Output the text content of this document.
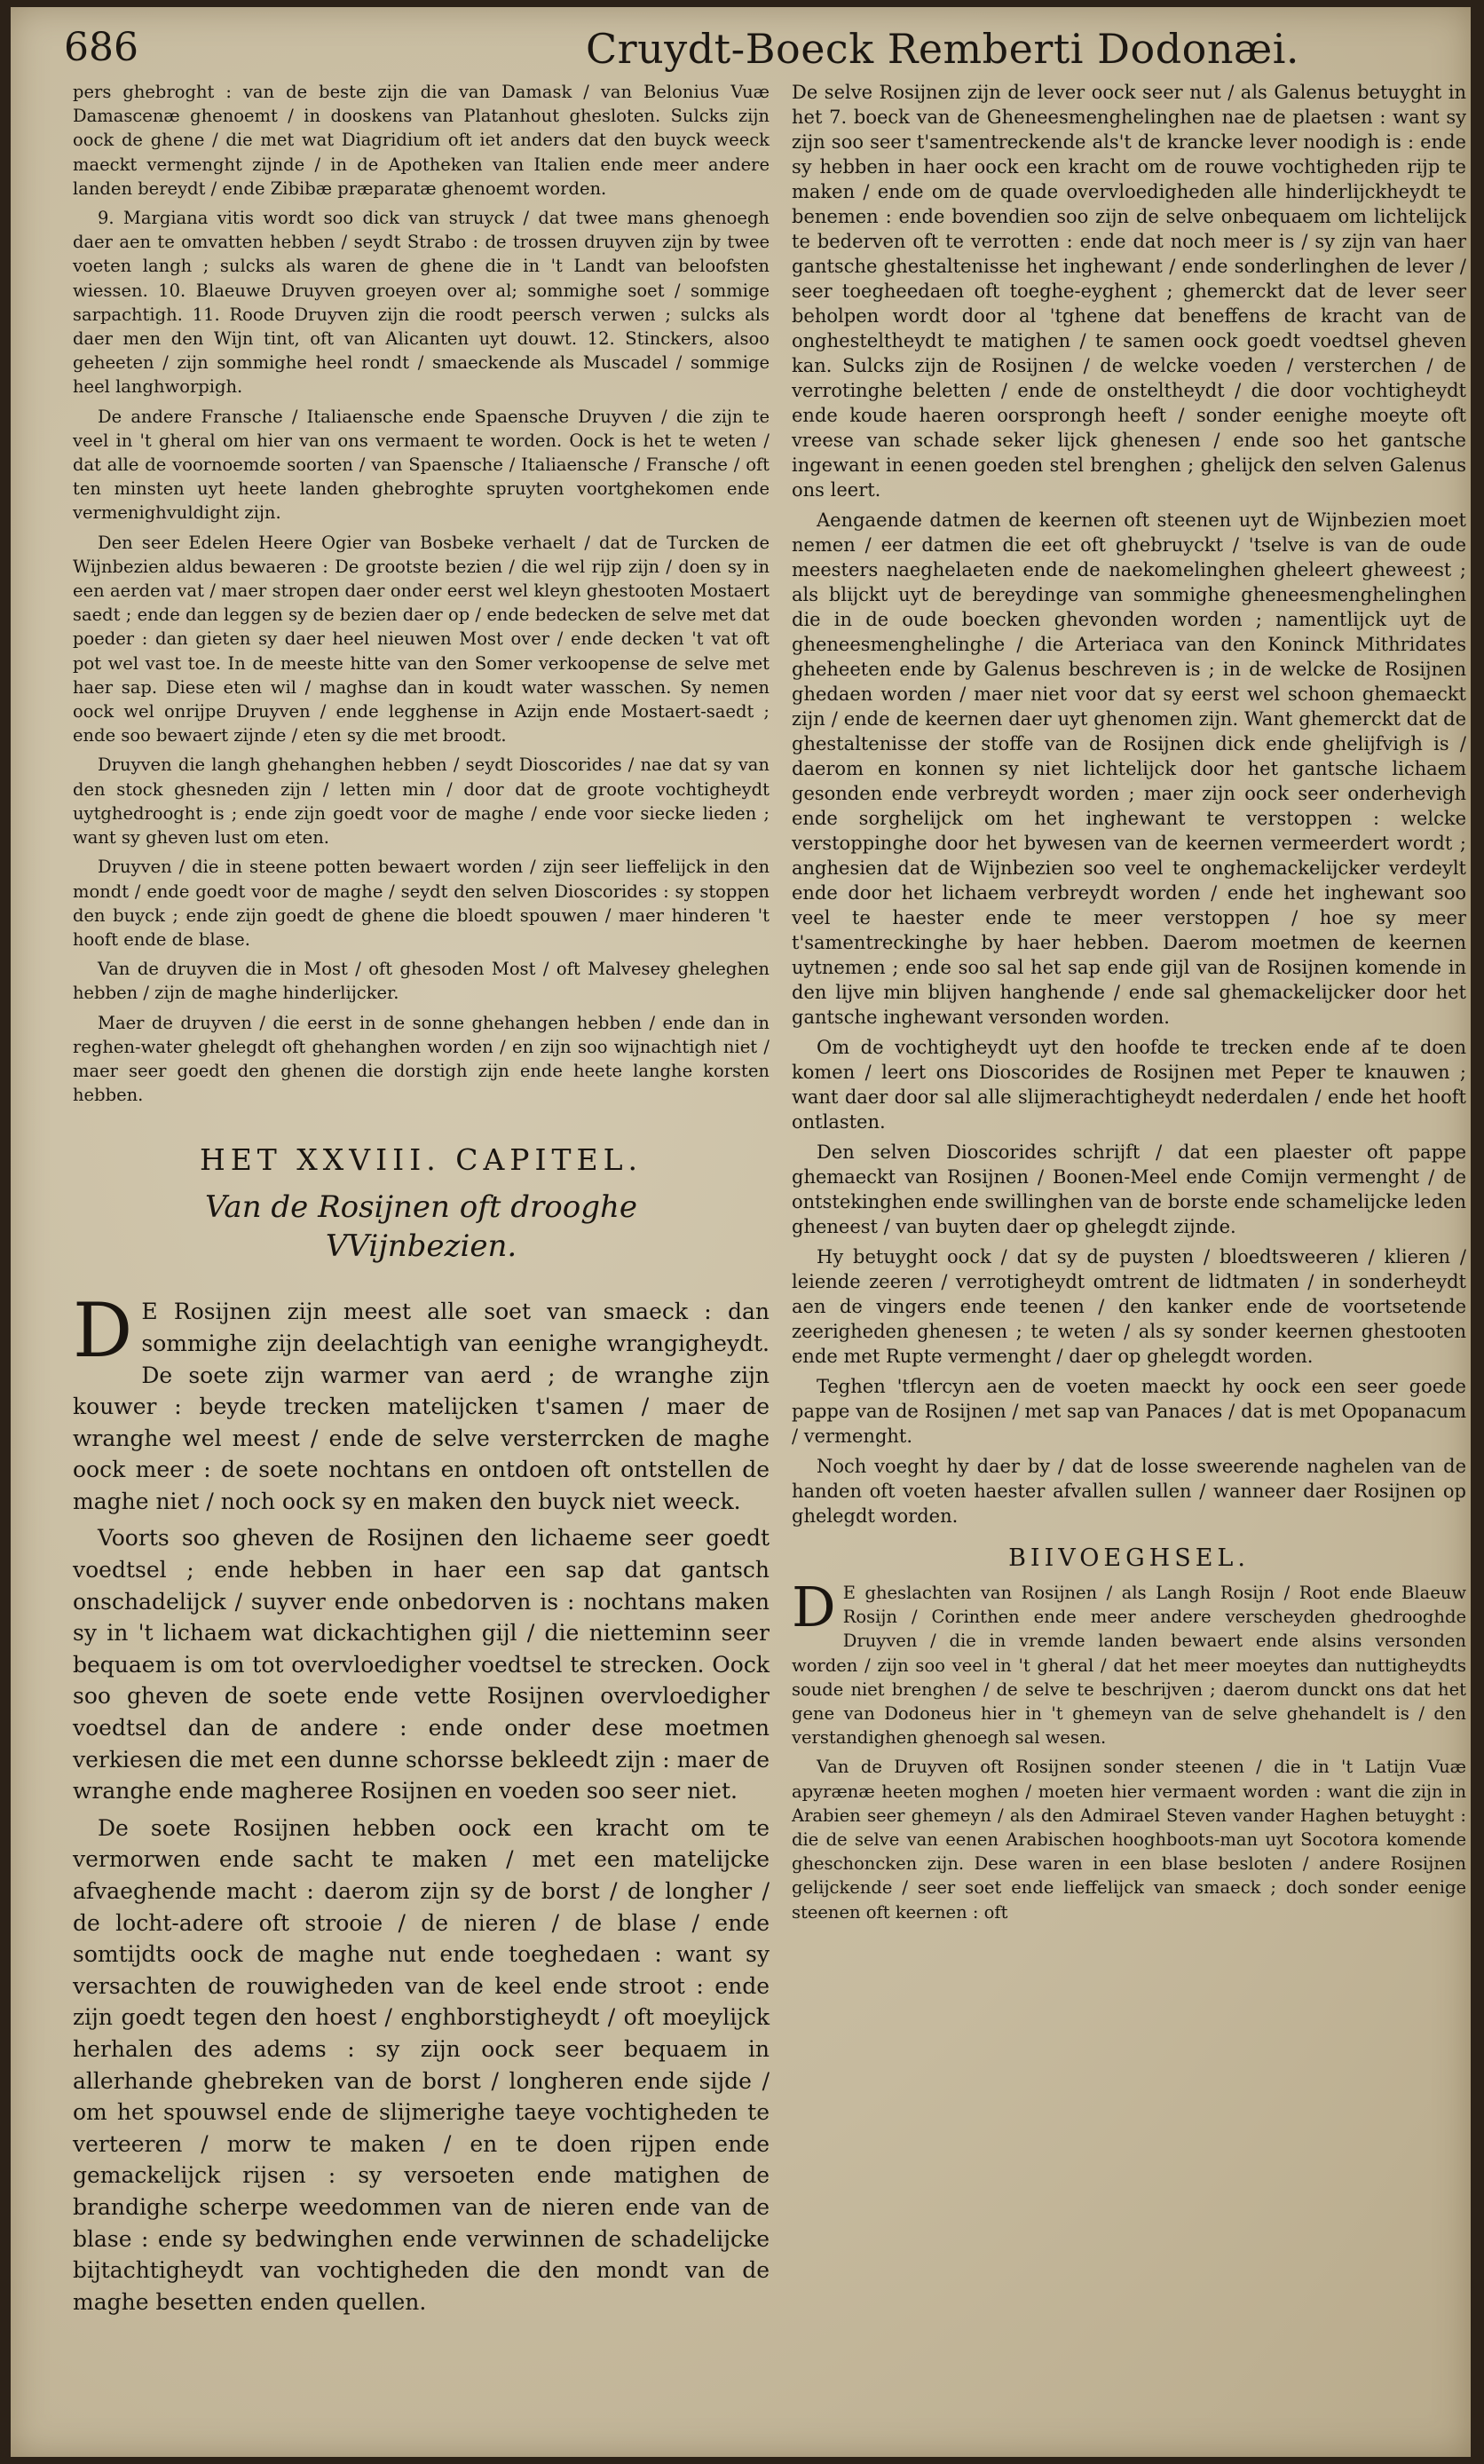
686	Cruydt-Boeck Remberti Dodonæi.

pers ghebroght : van de beste zijn die van Damask / van Belonius Vuæ Damascenæ ghenoemt / in dooskens van Platanhout ghesloten. Sulcks zijn oock de ghene / die met wat Diagridium oft iet anders dat den buyck weeck maeckt vermenght zijnde / in de Apotheken van Italien ende meer andere landen bereydt / ende Zibibæ præparatæ ghenoemt worden.

9. Margiana vitis wordt soo dick van struyck / dat twee mans ghenoegh daer aen te omvatten hebben / seydt Strabo : de trossen druyven zijn by twee voeten langh ; sulcks als waren de ghene die in 't Landt van beloofsten wiessen. 10. Blaeuwe Druyven groeyen over al; sommighe soet / sommige sarpachtigh. 11. Roode Druyven zijn die roodt peersch verwen ; sulcks als daer men den Wijn tint, oft van Alicanten uyt douwt. 12. Stinckers, alsoo geheeten / zijn sommighe heel rondt / smaeckende als Muscadel / sommige heel langhworpigh.

De andere Fransche / Italiaensche ende Spaensche Druyven / die zijn te veel in 't gheral om hier van ons vermaent te worden. Oock is het te weten / dat alle de voornoemde soorten / van Spaensche / Italiaensche / Fransche / oft ten minsten uyt heete landen ghebroghte spruyten voortghekomen ende vermenighvuldight zijn.

Den seer Edelen Heere Ogier van Bosbeke verhaelt / dat de Turcken de Wijnbezien aldus bewaeren : De grootste bezien / die wel rijp zijn / doen sy in een aerden vat / maer stropen daer onder eerst wel kleyn ghestooten Mostaert saedt ; ende dan leggen sy de bezien daer op / ende bedecken de selve met dat poeder : dan gieten sy daer heel nieuwen Most over / ende decken 't vat oft pot wel vast toe. In de meeste hitte van den Somer verkoopense de selve met haer sap. Diese eten wil / maghse dan in koudt water wasschen. Sy nemen oock wel onrijpe Druyven / ende legghense in Azijn ende Mostaert-saedt ; ende soo bewaert zijnde / eten sy die met broodt.

Druyven die langh ghehanghen hebben / seydt Dioscorides / nae dat sy van den stock ghesneden zijn / letten min / door dat de groote vochtigheydt uytghedrooght is ; ende zijn goedt voor de maghe / ende voor siecke lieden ; want sy gheven lust om eten.

Druyven / die in steene potten bewaert worden / zijn seer lieffelijck in den mondt / ende goedt voor de maghe / seydt den selven Dioscorides : sy stoppen den buyck ; ende zijn goedt de ghene die bloedt spouwen / maer hinderen 't hooft ende de blase.

Van de druyven die in Most / oft ghesoden Most / oft Malvesey gheleghen hebben / zijn de maghe hinderlijcker.

Maer de druyven / die eerst in de sonne ghehangen hebben / ende dan in reghen-water ghelegdt oft ghehanghen worden / en zijn soo wijnachtigh niet / maer seer goedt den ghenen die dorstigh zijn ende heete langhe korsten hebben.

HET XXVIII. CAPITEL.
Van de Rosijnen oft drooghe
VVijnbezien.

D E Rosijnen zijn meest alle soet van smaeck : dan sommighe zijn deelachtigh van eenighe wrangigheydt. De soete zijn warmer van aerd ; de wranghe zijn kouwer : beyde trecken matelijcken t'samen / maer de wranghe wel meest / ende de selve versterrcken de maghe oock meer : de soete nochtans en ontdoen oft ontstellen de maghe niet / noch oock sy en maken den buyck niet weeck.

Voorts soo gheven de Rosijnen den lichaeme seer goedt voedtsel ; ende hebben in haer een sap dat gantsch onschadelijck / suyver ende onbedorven is : nochtans maken sy in 't lichaem wat dickachtighen gijl / die nietteminn seer bequaem is om tot overvloedigher voedtsel te strecken. Oock soo gheven de soete ende vette Rosijnen overvloedigher voedtsel dan de andere : ende onder dese moetmen verkiesen die met een dunne schorsse bekleedt zijn : maer de wranghe ende magheree Rosijnen en voeden soo seer niet.

De soete Rosijnen hebben oock een kracht om te vermorwen ende sacht te maken / met een matelijcke afvaeghende macht : daerom zijn sy de borst / de longher / de locht-adere oft strooie / de nieren / de blase / ende somtijdts oock de maghe nut ende toeghedaen : want sy versachten de rouwigheden van de keel ende stroot : ende zijn goedt tegen den hoest / enghborstigheydt / oft moeylijck herhalen des adems : sy zijn oock seer bequaem in allerhande ghebreken van de borst / longheren ende sijde / om het spouwsel ende de slijmerighe taeye vochtigheden te verteeren / morw te maken / en te doen rijpen ende gemackelijck rijsen : sy versoeten ende matighen de brandighe scherpe weedommen van de nieren ende van de blase : ende sy bedwinghen ende verwinnen de schadelijcke bijtachtigheydt van vochtigheden die den mondt van de maghe besetten enden quellen.

De selve Rosijnen zijn de lever oock seer nut / als Galenus betuyght in het 7. boeck van de Gheneesmenghelinghen nae de plaetsen : want sy zijn soo seer t'samentreckende als't de krancke lever noodigh is : ende sy hebben in haer oock een kracht om de rouwe vochtigheden rijp te maken / ende om de quade overvloedigheden alle hinderlijckheydt te benemen : ende bovendien soo zijn de selve onbequaem om lichtelijck te bederven oft te verrotten : ende dat noch meer is / sy zijn van haer gantsche ghestaltenisse het inghewant / ende sonderlinghen de lever / seer toegheedaen oft toeghe-eyghent ; ghemerckt dat de lever seer beholpen wordt door al 'tghene dat beneffens de kracht van de onghesteltheydt te matighen / te samen oock goedt voedtsel gheven kan. Sulcks zijn de Rosijnen / de welcke voeden / versterchen / de verrotinghe beletten / ende de onsteltheydt / die door vochtigheydt ende koude haeren oorsprongh heeft / sonder eenighe moeyte oft vreese van schade seker lijck ghenesen / ende soo het gantsche ingewant in eenen goeden stel brenghen ; ghelijck den selven Galenus ons leert.

Aengaende datmen de keernen oft steenen uyt de Wijnbezien moet nemen / eer datmen die eet oft ghebruyckt / 'tselve is van de oude meesters naeghelaeten ende de naekomelinghen gheleert gheweest ; als blijckt uyt de bereydinge van sommighe gheneesmenghelinghen die in de oude boecken ghevonden worden ; namentlijck uyt de gheneesmenghelinghe / die Arteriaca van den Koninck Mithridates gheheeten ende by Galenus beschreven is ; in de welcke de Rosijnen ghedaen worden / maer niet voor dat sy eerst wel schoon ghemaeckt zijn / ende de keernen daer uyt ghenomen zijn. Want ghemerckt dat de ghestaltenisse der stoffe van de Rosijnen dick ende ghelijfvigh is / daerom en konnen sy niet lichtelijck door het gantsche lichaem gesonden ende verbreydt worden ; maer zijn oock seer onderhevigh ende sorghelijck om het inghewant te verstoppen : welcke verstoppinghe door het bywesen van de keernen vermeerdert wordt ; anghesien dat de Wijnbezien soo veel te onghemackelijcker verdeylt ende door het lichaem verbreydt worden / ende het inghewant soo veel te haester ende te meer verstoppen / hoe sy meer t'samentreckinghe by haer hebben. Daerom moetmen de keernen uytnemen ; ende soo sal het sap ende gijl van de Rosijnen komende in den lijve min blijven hanghende / ende sal ghemackelijcker door het gantsche inghewant versonden worden.

Om de vochtigheydt uyt den hoofde te trecken ende af te doen komen / leert ons Dioscorides de Rosijnen met Peper te knauwen ; want daer door sal alle slijmerachtigheydt nederdalen / ende het hooft ontlasten.

Den selven Dioscorides schrijft / dat een plaester oft pappe ghemaeckt van Rosijnen / Boonen-Meel ende Comijn vermenght / de ontstekinghen ende swillinghen van de borste ende schamelijcke leden gheneest / van buyten daer op ghelegdt zijnde.

Hy betuyght oock / dat sy de puysten / bloedtsweeren / klieren / leiende zeeren / verrotigheydt omtrent de lidtmaten / in sonderheydt aen de vingers ende teenen / den kanker ende de voortsetende zeerigheden ghenesen ; te weten / als sy sonder keernen ghestooten ende met Rupte vermenght / daer op ghelegdt worden.

Teghen 'tflercyn aen de voeten maeckt hy oock een seer goede pappe van de Rosijnen / met sap van Panaces / dat is met Opopanacum / vermenght.

Noch voeght hy daer by / dat de losse sweerende naghelen van de handen oft voeten haester afvallen sullen / wanneer daer Rosijnen op ghelegdt worden.

BIIVOEGHSEL.

D E gheslachten van Rosijnen / als Langh Rosijn / Root ende Blaeuw Rosijn / Corinthen ende meer andere verscheyden ghedrooghde Druyven / die in vremde landen bewaert ende alsins versonden worden / zijn soo veel in 't gheral / dat het meer moeytes dan nuttigheydts soude niet brenghen / de selve te beschrijven ; daerom dunckt ons dat het gene van Dodoneus hier in 't ghemeyn van de selve ghehandelt is / den verstandighen ghenoegh sal wesen.

Van de Druyven oft Rosijnen sonder steenen / die in 't Latijn Vuæ apyrænæ heeten moghen / moeten hier vermaent worden : want die zijn in Arabien seer ghemeyn / als den Admirael Steven vander Haghen betuyght : die de selve van eenen Arabischen hooghboots-man uyt Socotora komende gheschoncken zijn. Dese waren in een blase besloten / andere Rosijnen gelijckende / seer soet ende lieffelijck van smaeck ; doch sonder eenige steenen oft keernen : oft
